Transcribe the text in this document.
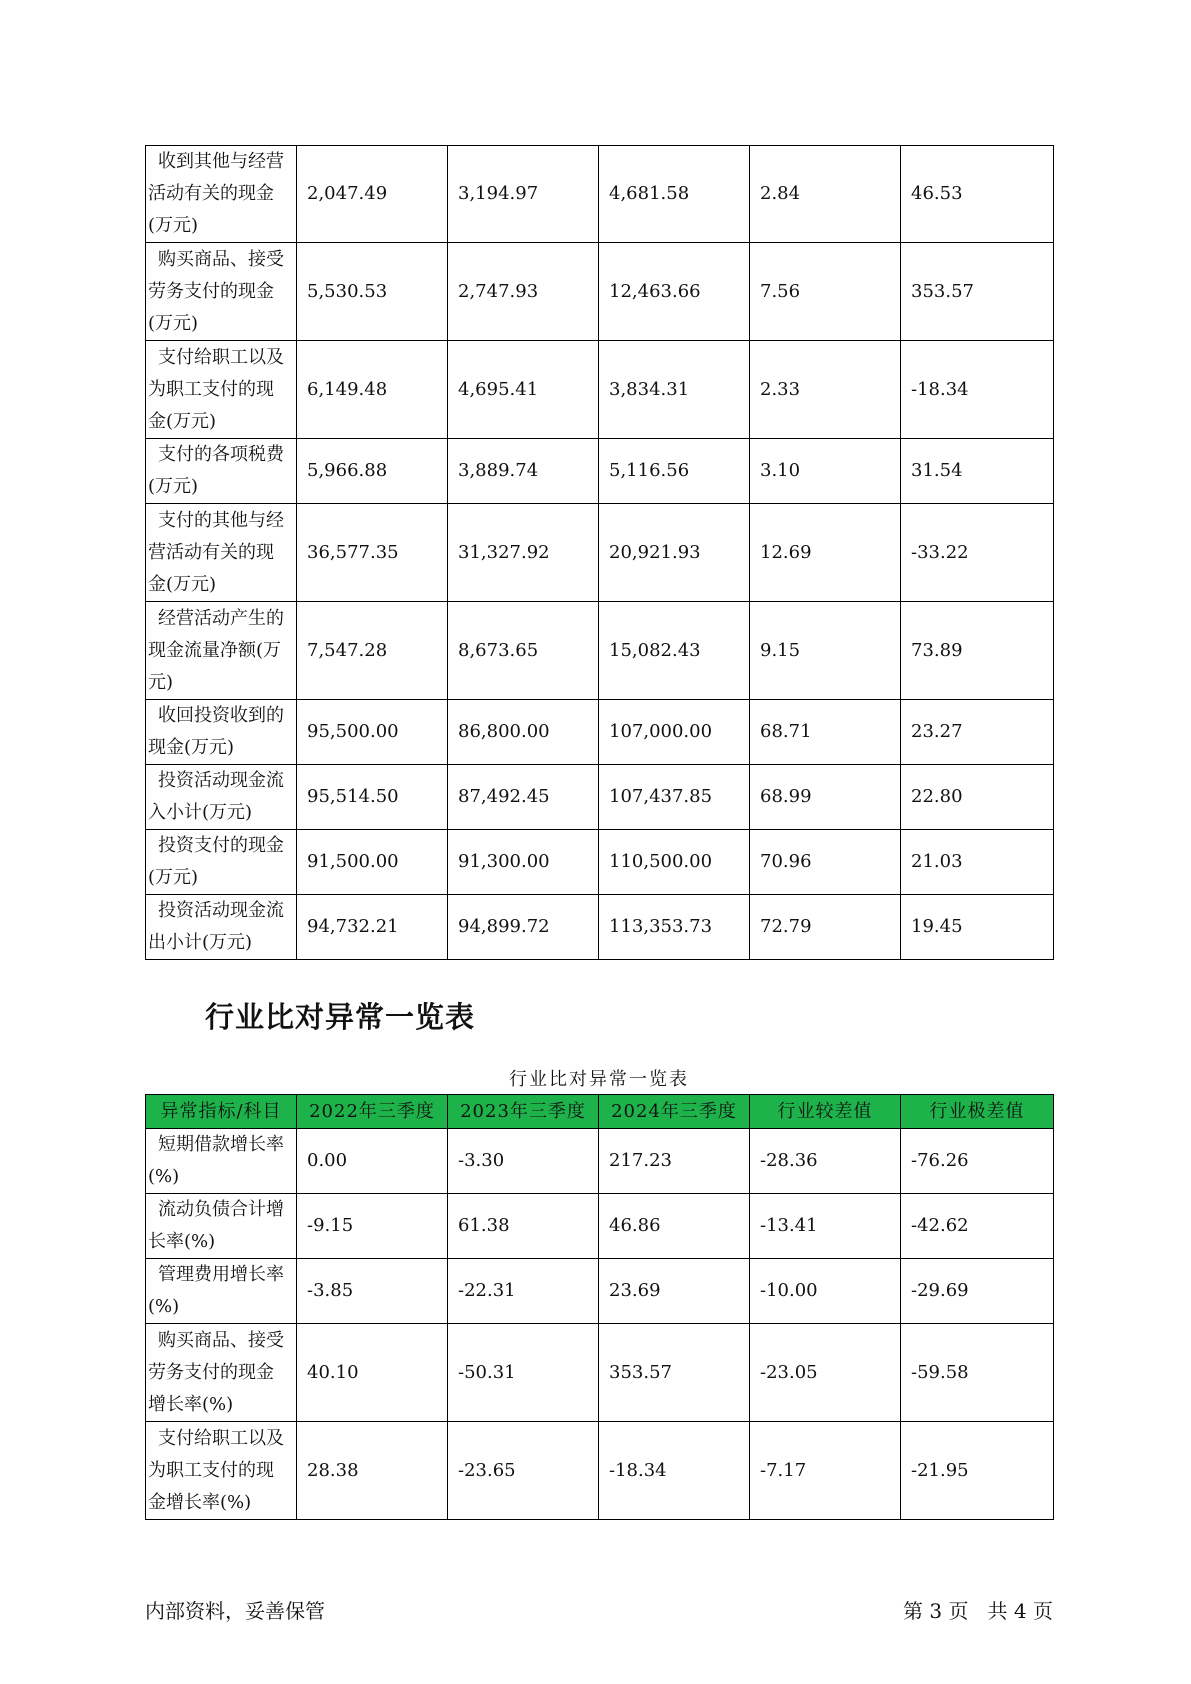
收到其他与经营活动有关的现金(万元)	2,047.49	3,194.97	4,681.58	2.84	46.53
购买商品、接受劳务支付的现金(万元)	5,530.53	2,747.93	12,463.66	7.56	353.57
支付给职工以及为职工支付的现金(万元)	6,149.48	4,695.41	3,834.31	2.33	-18.34
支付的各项税费(万元)	5,966.88	3,889.74	5,116.56	3.10	31.54
支付的其他与经营活动有关的现金(万元)	36,577.35	31,327.92	20,921.93	12.69	-33.22
经营活动产生的现金流量净额(万元)	7,547.28	8,673.65	15,082.43	9.15	73.89
收回投资收到的现金(万元)	95,500.00	86,800.00	107,000.00	68.71	23.27
投资活动现金流入小计(万元)	95,514.50	87,492.45	107,437.85	68.99	22.80
投资支付的现金(万元)	91,500.00	91,300.00	110,500.00	70.96	21.03
投资活动现金流出小计(万元)	94,732.21	94,899.72	113,353.73	72.79	19.45
行业比对异常一览表
行业比对异常一览表
异常指标/科目	2022年三季度	2023年三季度	2024年三季度	行业较差值	行业极差值
短期借款增长率(%)	0.00	-3.30	217.23	-28.36	-76.26
流动负债合计增长率(%)	-9.15	61.38	46.86	-13.41	-42.62
管理费用增长率(%)	-3.85	-22.31	23.69	-10.00	-29.69
购买商品、接受劳务支付的现金增长率(%)	40.10	-50.31	353.57	-23.05	-59.58
支付给职工以及为职工支付的现金增长率(%)	28.38	-23.65	-18.34	-7.17	-21.95
内部资料，妥善保管	第 3 页   共 4 页
